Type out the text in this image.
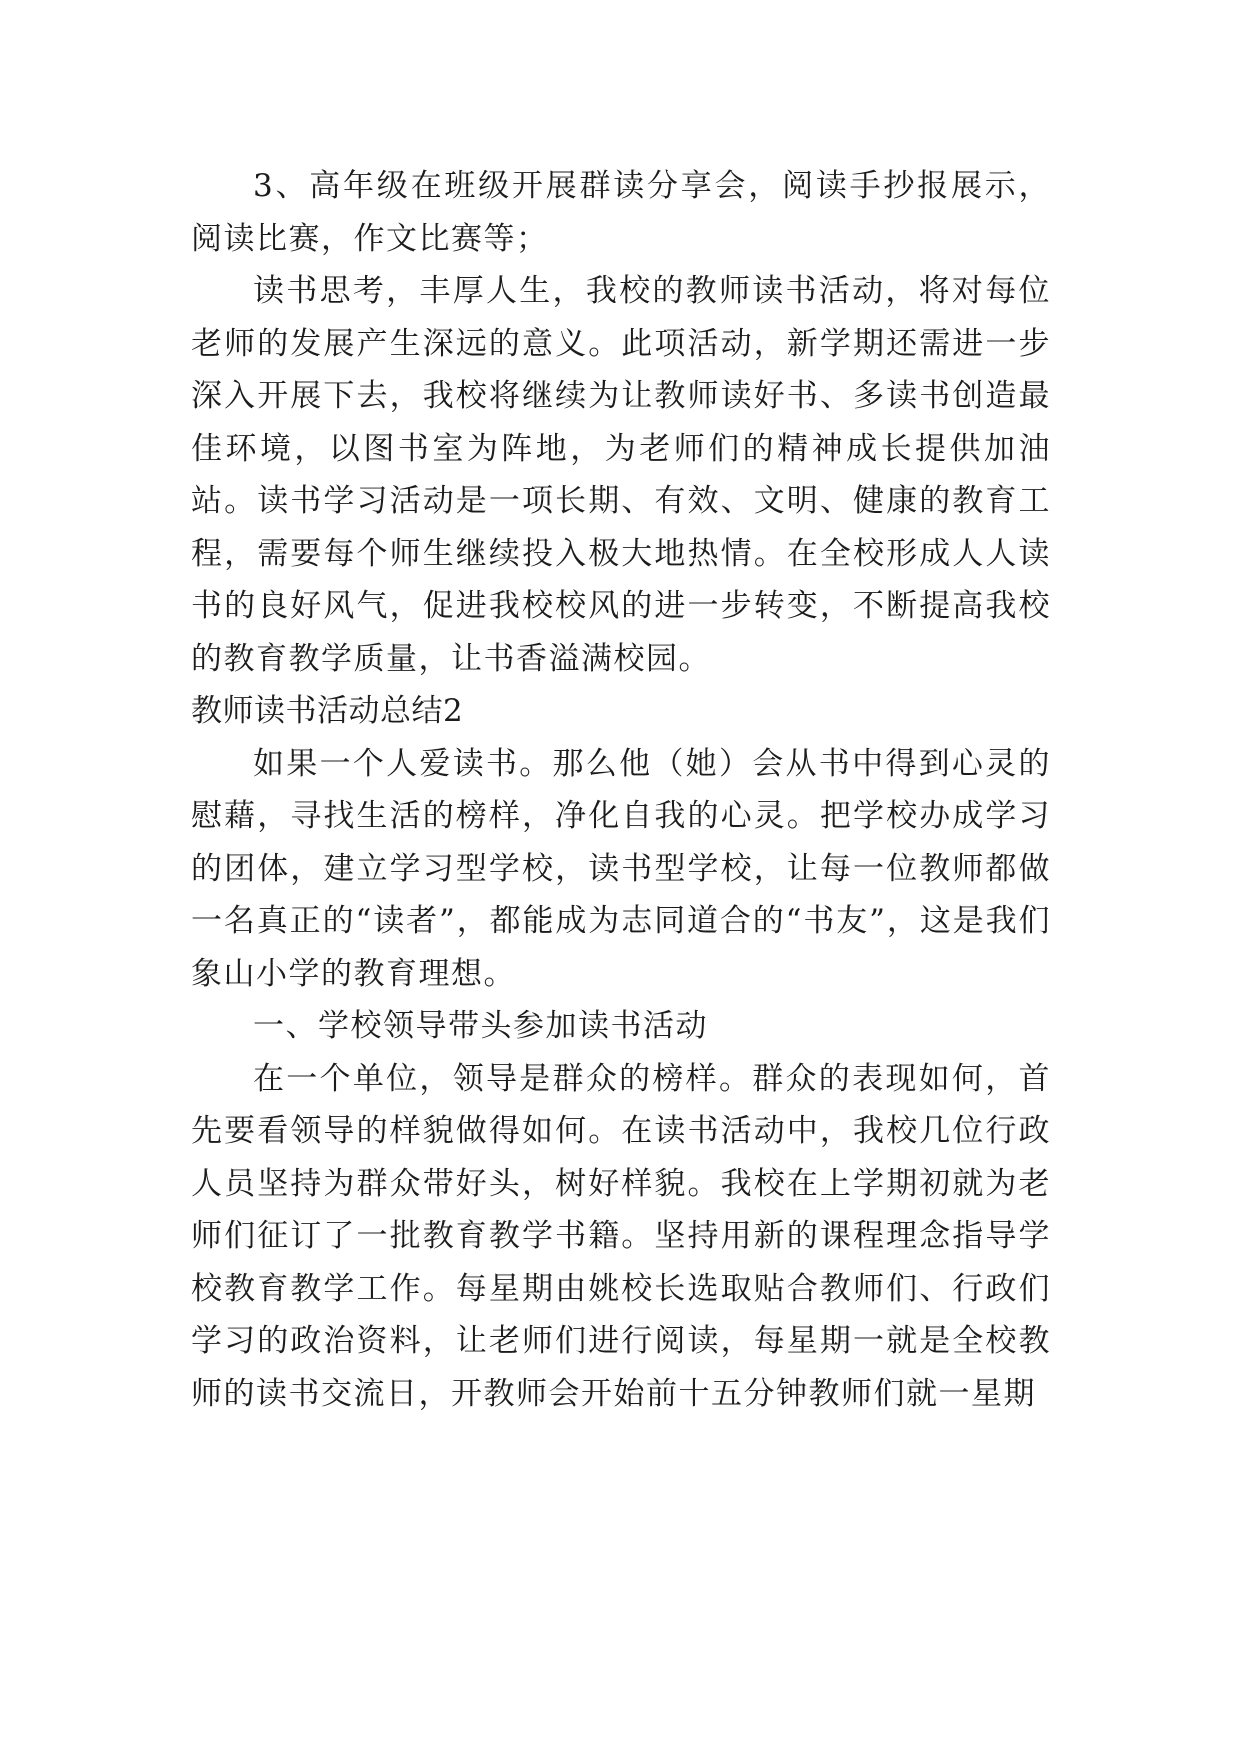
3、高年级在班级开展群读分享会，阅读手抄报展示，阅读比赛，作文比赛等；

读书思考，丰厚人生，我校的教师读书活动，将对每位老师的发展产生深远的意义。此项活动，新学期还需进一步深入开展下去，我校将继续为让教师读好书、多读书创造最佳环境，以图书室为阵地，为老师们的精神成长提供加油站。读书学习活动是一项长期、有效、文明、健康的教育工程，需要每个师生继续投入极大地热情。在全校形成人人读书的良好风气，促进我校校风的进一步转变，不断提高我校的教育教学质量，让书香溢满校园。

教师读书活动总结2

如果一个人爱读书。那么他（她）会从书中得到心灵的慰藉，寻找生活的榜样，净化自我的心灵。把学校办成学习的团体，建立学习型学校，读书型学校，让每一位教师都做一名真正的“读者”，都能成为志同道合的“书友”，这是我们象山小学的教育理想。

一、学校领导带头参加读书活动

在一个单位，领导是群众的榜样。群众的表现如何，首先要看领导的样貌做得如何。在读书活动中，我校几位行政人员坚持为群众带好头，树好样貌。我校在上学期初就为老师们征订了一批教育教学书籍。坚持用新的课程理念指导学校教育教学工作。每星期由姚校长选取贴合教师们、行政们学习的政治资料，让老师们进行阅读，每星期一就是全校教师的读书交流日，开教师会开始前十五分钟教师们就一星期
